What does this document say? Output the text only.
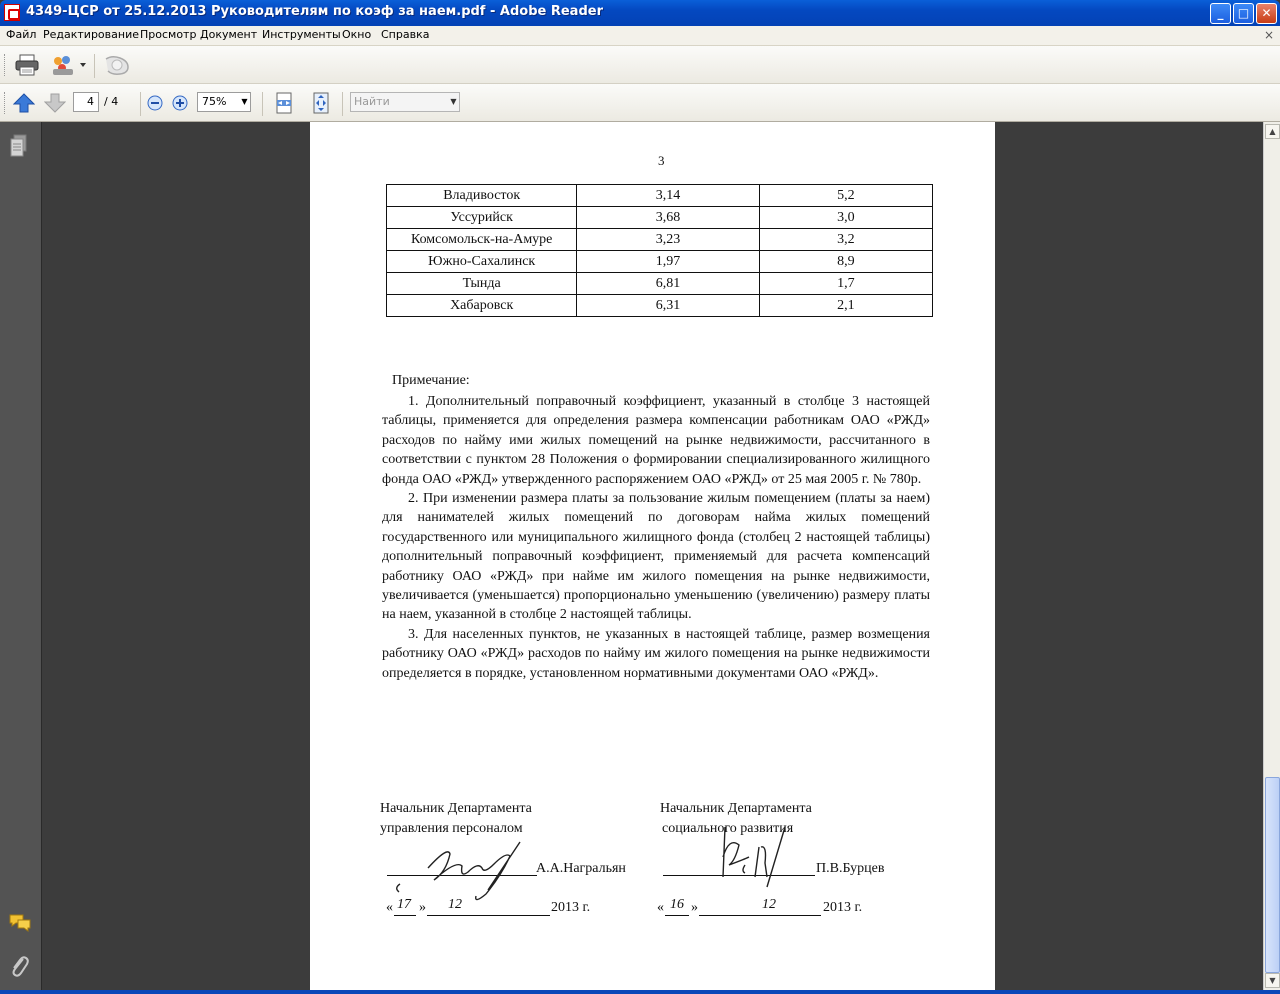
4349-ЦСР от 25.12.2013 Руководителям по коэф за наем.pdf - Adobe Reader	_	□	✕
Файл Редактирование Просмотр Документ Инструменты Окно Справка	×
4 / 4	75%	▼	Найти	▼
3
Владивосток	3,14	5,2
Уссурийск	3,68	3,0
Комсомольск-на-Амуре	3,23	3,2
Южно-Сахалинск	1,97	8,9
Тында	6,81	1,7
Хабаровск	6,31	2,1
Примечание:

1. Дополнительный поправочный коэффициент, указанный в столбце 3 настоящей таблицы, применяется для определения размера компенсации работникам ОАО «РЖД» расходов по найму ими жилых помещений на рынке недвижимости, рассчитанного в соответствии с пунктом 28 Положения о формировании специализированного жилищного фонда ОАО «РЖД» утвержденного распоряжением ОАО «РЖД» от 25 мая 2005 г. № 780р.

2. При изменении размера платы за пользование жилым помещением (платы за наем) для нанимателей жилых помещений по договорам найма жилых помещений государственного или муниципального жилищного фонда (столбец 2 настоящей таблицы) дополнительный поправочный коэффициент, применяемый для расчета компенсаций работнику ОАО «РЖД» при найме им жилого помещения на рынке недвижимости, увеличивается (уменьшается) пропорционально уменьшению (увеличению) размеру платы на наем, указанной в столбце 2 настоящей таблицы.

3. Для населенных пунктов, не указанных в настоящей таблице, размер возмещения работнику ОАО «РЖД» расходов по найму им жилого помещения на рынке недвижимости определяется в порядке, установленном нормативными документами ОАО «РЖД».

Начальник Департамента
управления персоналом
А.А.Награльян
« 17 » 12	2013 г.
Начальник Департамента
социального развития
П.В.Бурцев
« 16 »	12	2013 г.
▲
▼
